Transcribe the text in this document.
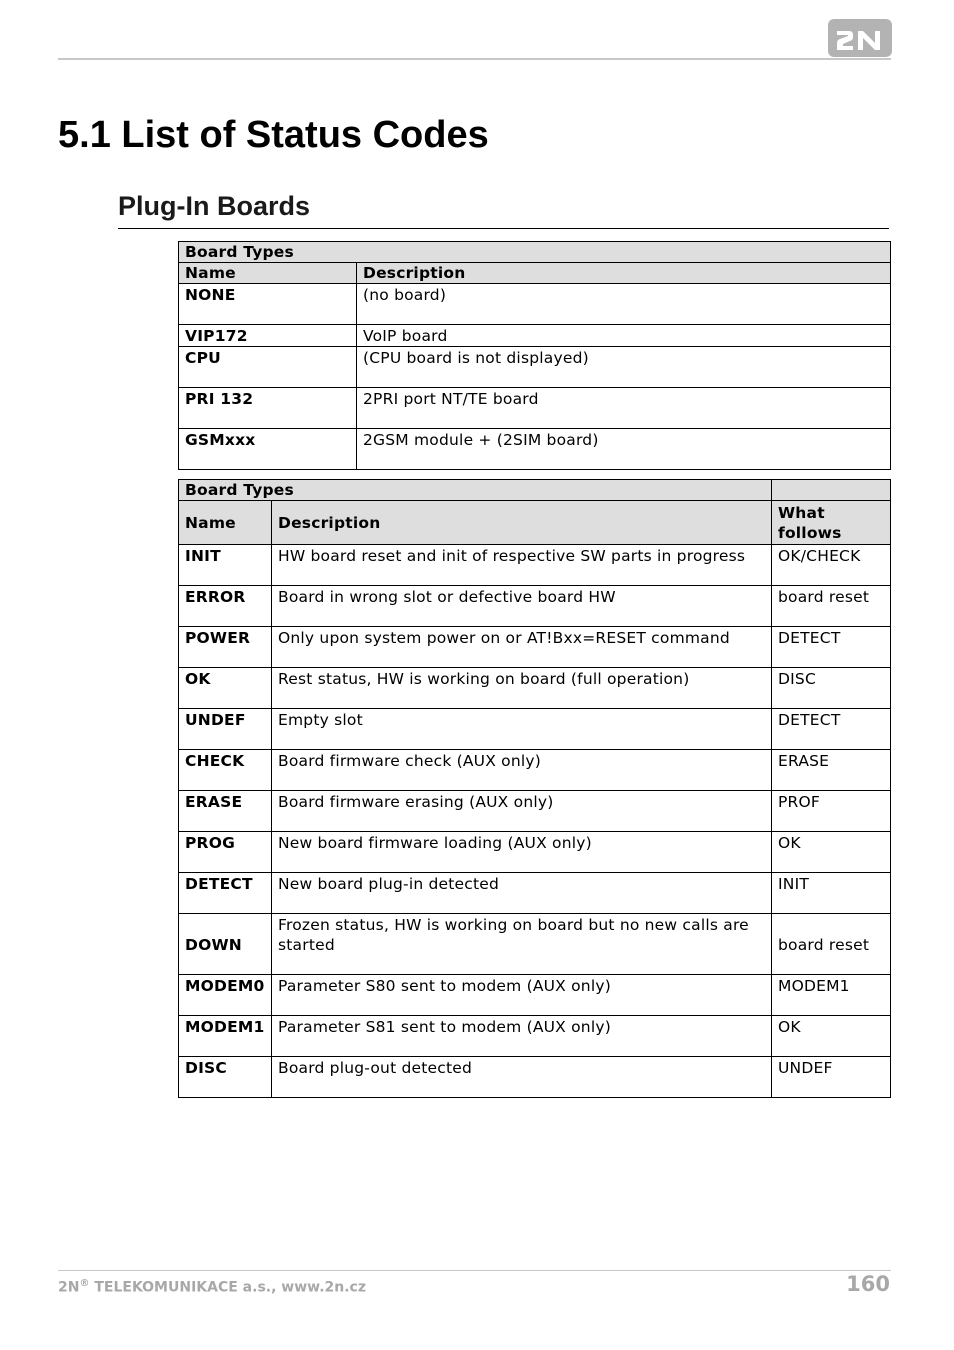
5.1 List of Status Codes
Plug-In Boards
Board Types	
Name	Description
NONE	(no board)
VIP172	VoIP board
CPU	(CPU board is not displayed)
PRI 132	2PRI port NT/TE board
GSMxxx	2GSM module + (2SIM board)
Board Types		
Name	Description	What follows
INIT	HW board reset and init of respective SW parts in progress	OK/CHECK
ERROR	Board in wrong slot or defective board HW	board reset
POWER	Only upon system power on or AT!Bxx=RESET command	DETECT
OK	Rest status, HW is working on board (full operation)	DISC
UNDEF	Empty slot	DETECT
CHECK	Board firmware check (AUX only)	ERASE
ERASE	Board firmware erasing (AUX only)	PROF
PROG	New board firmware loading (AUX only)	OK
DETECT	New board plug-in detected	INIT
DOWN	Frozen status, HW is working on board but no new calls are started	board reset
MODEM0	Parameter S80 sent to modem (AUX only)	MODEM1
MODEM1	Parameter S81 sent to modem (AUX only)	OK
DISC	Board plug-out detected	UNDEF
2N® TELEKOMUNIKACE a.s., www.2n.cz	160
